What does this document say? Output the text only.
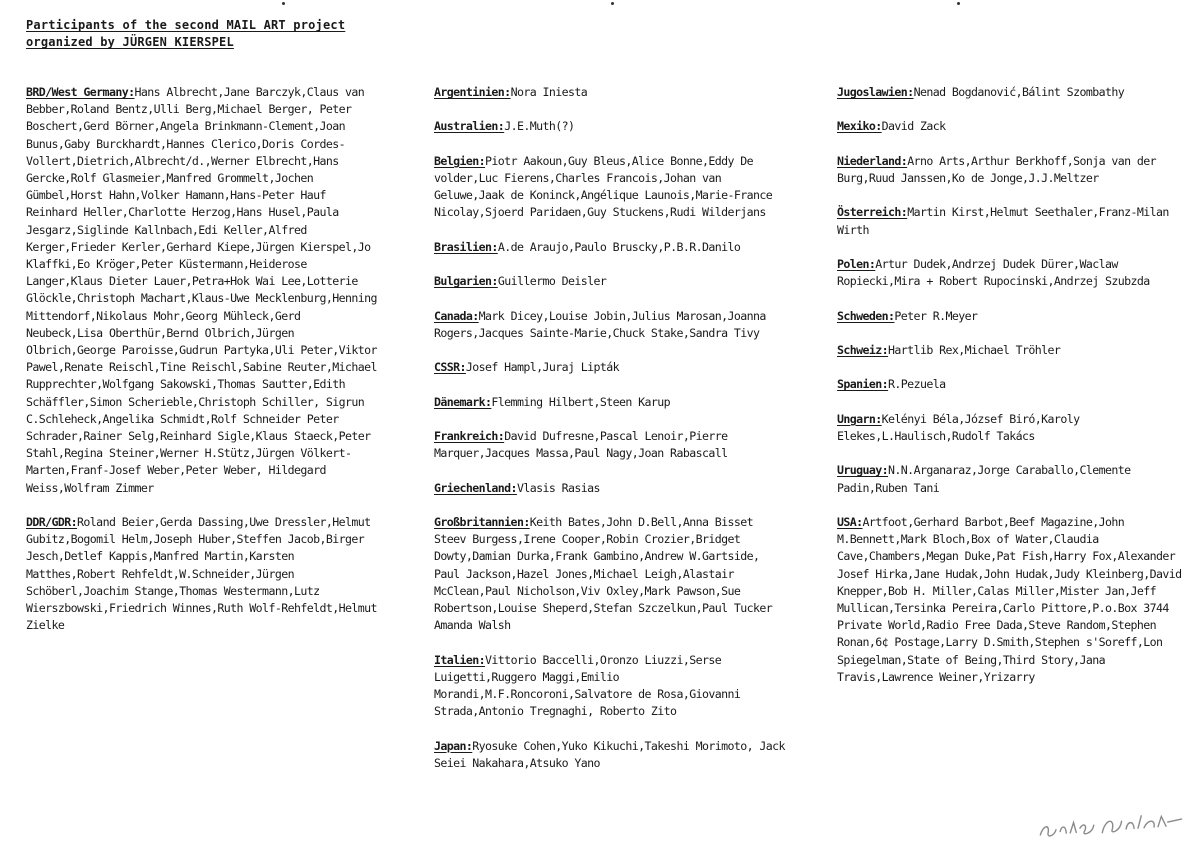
Participants of the second MAIL ART project
organized by JÜRGEN KIERSPEL
BRD/West Germany:Hans Albrecht,Jane Barczyk,Claus van Bebber,Roland Bentz,Ulli Berg,Michael Berger, Peter Boschert,Gerd Börner,Angela Brinkmann-Clement,Joan Bunus,Gaby Burckhardt,Hannes Clerico,Doris Cordes-Vollert,Dietrich,Albrecht/d.,Werner Elbrecht,Hans Gercke,Rolf Glasmeier,Manfred Grommelt,Jochen Gümbel,Horst Hahn,Volker Hamann,Hans-Peter Hauf Reinhard Heller,Charlotte Herzog,Hans Husel,Paula Jesgarz,Siglinde Kallnbach,Edi Keller,Alfred Kerger,Frieder Kerler,Gerhard Kiepe,Jürgen Kierspel,Jo Klaffki,Eo Kröger,Peter Küstermann,Heiderose Langer,Klaus Dieter Lauer,Petra+Hok Wai Lee,Lotterie Glöckle,Christoph Machart,Klaus-Uwe Mecklenburg,Henning Mittendorf,Nikolaus Mohr,Georg Mühleck,Gerd Neubeck,Lisa Oberthür,Bernd Olbrich,Jürgen Olbrich,George Paroisse,Gudrun Partyka,Uli Peter,Viktor Pawel,Renate Reischl,Tine Reischl,Sabine Reuter,Michael Rupprechter,Wolfgang Sakowski,Thomas Sautter,Edith Schäffler,Simon Scherieble,Christoph Schiller, Sigrun C.Schleheck,Angelika Schmidt,Rolf Schneider Peter Schrader,Rainer Selg,Reinhard Sigle,Klaus Staeck,Peter Stahl,Regina Steiner,Werner H.Stütz,Jürgen Völkert-Marten,Franf-Josef Weber,Peter Weber, Hildegard Weiss,Wolfram Zimmer
DDR/GDR:Roland Beier,Gerda Dassing,Uwe Dressler,Helmut Gubitz,Bogomil Helm,Joseph Huber,Steffen Jacob,Birger Jesch,Detlef Kappis,Manfred Martin,Karsten Matthes,Robert Rehfeldt,W.Schneider,Jürgen Schöberl,Joachim Stange,Thomas Westermann,Lutz Wierszbowski,Friedrich Winnes,Ruth Wolf-Rehfeldt,Helmut Zielke
Argentinien:Nora Iniesta
Australien:J.E.Muth(?)
Belgien:Piotr Aakoun,Guy Bleus,Alice Bonne,Eddy De volder,Luc Fierens,Charles Francois,Johan van Geluwe,Jaak de Koninck,Angélique Launois,Marie-France Nicolay,Sjoerd Paridaen,Guy Stuckens,Rudi Wilderjans
Brasilien:A.de Araujo,Paulo Bruscky,P.B.R.Danilo
Bulgarien:Guillermo Deisler
Canada:Mark Dicey,Louise Jobin,Julius Marosan,Joanna Rogers,Jacques Sainte-Marie,Chuck Stake,Sandra Tivy
CSSR:Josef Hampl,Juraj Lipták
Dänemark:Flemming Hilbert,Steen Karup
Frankreich:David Dufresne,Pascal Lenoir,Pierre Marquer,Jacques Massa,Paul Nagy,Joan Rabascall
Griechenland:Vlasis Rasias
Großbritannien:Keith Bates,John D.Bell,Anna Bisset Steev Burgess,Irene Cooper,Robin Crozier,Bridget Dowty,Damian Durka,Frank Gambino,Andrew W.Gartside, Paul Jackson,Hazel Jones,Michael Leigh,Alastair McClean,Paul Nicholson,Viv Oxley,Mark Pawson,Sue Robertson,Louise Sheperd,Stefan Szczelkun,Paul Tucker Amanda Walsh
Italien:Vittorio Baccelli,Oronzo Liuzzi,Serse Luigetti,Ruggero Maggi,Emilio Morandi,M.F.Roncoroni,Salvatore de Rosa,Giovanni Strada,Antonio Tregnaghi, Roberto Zito
Japan:Ryosuke Cohen,Yuko Kikuchi,Takeshi Morimoto, Jack Seiei Nakahara,Atsuko Yano
Jugoslawien:Nenad Bogdanović,Bálint Szombathy
Mexiko:David Zack
Niederland:Arno Arts,Arthur Berkhoff,Sonja van der Burg,Ruud Janssen,Ko de Jonge,J.J.Meltzer
Österreich:Martin Kirst,Helmut Seethaler,Franz-Milan Wirth
Polen:Artur Dudek,Andrzej Dudek Dürer,Waclaw Ropiecki,Mira + Robert Rupocinski,Andrzej Szubzda
Schweden:Peter R.Meyer
Schweiz:Hartlib Rex,Michael Tröhler
Spanien:R.Pezuela
Ungarn:Kelényi Béla,József Biró,Karoly Elekes,L.Haulisch,Rudolf Takács
Uruguay:N.N.Arganaraz,Jorge Caraballo,Clemente Padin,Ruben Tani
USA:Artfoot,Gerhard Barbot,Beef Magazine,John M.Bennett,Mark Bloch,Box of Water,Claudia Cave,Chambers,Megan Duke,Pat Fish,Harry Fox,Alexander Josef Hirka,Jane Hudak,John Hudak,Judy Kleinberg,David Knepper,Bob H. Miller,Calas Miller,Mister Jan,Jeff Mullican,Tersinka Pereira,Carlo Pittore,P.o.Box 3744 Private World,Radio Free Dada,Steve Random,Stephen Ronan,6¢ Postage,Larry D.Smith,Stephen s'Soreff,Lon Spiegelman,State of Being,Third Story,Jana Travis,Lawrence Weiner,Yrizarry
